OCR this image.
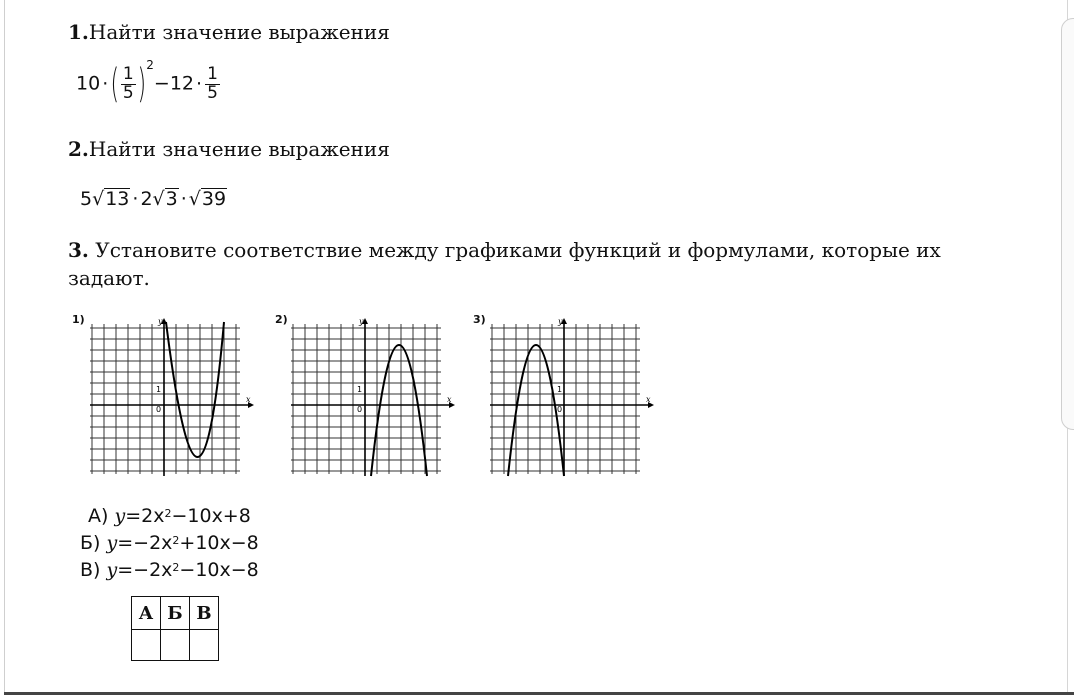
1.Найти значение выражения
10 ·( $\frac{1}{5} )^2-12 \cdot \frac{1}{5}$
2.Найти значение выражения
5√13 · 2√3 · √39
3. Установите соответствие между графиками функций и формулами, которые их
задают.
1)	y
x
1
0
2)	y
x
1
0
3)	y
x
1
0
А) $y=2x^2-10x+8$
Б) $y=-2x^2+10x-8$
В) $y=-2x^2-10x-8$
А	Б	В
